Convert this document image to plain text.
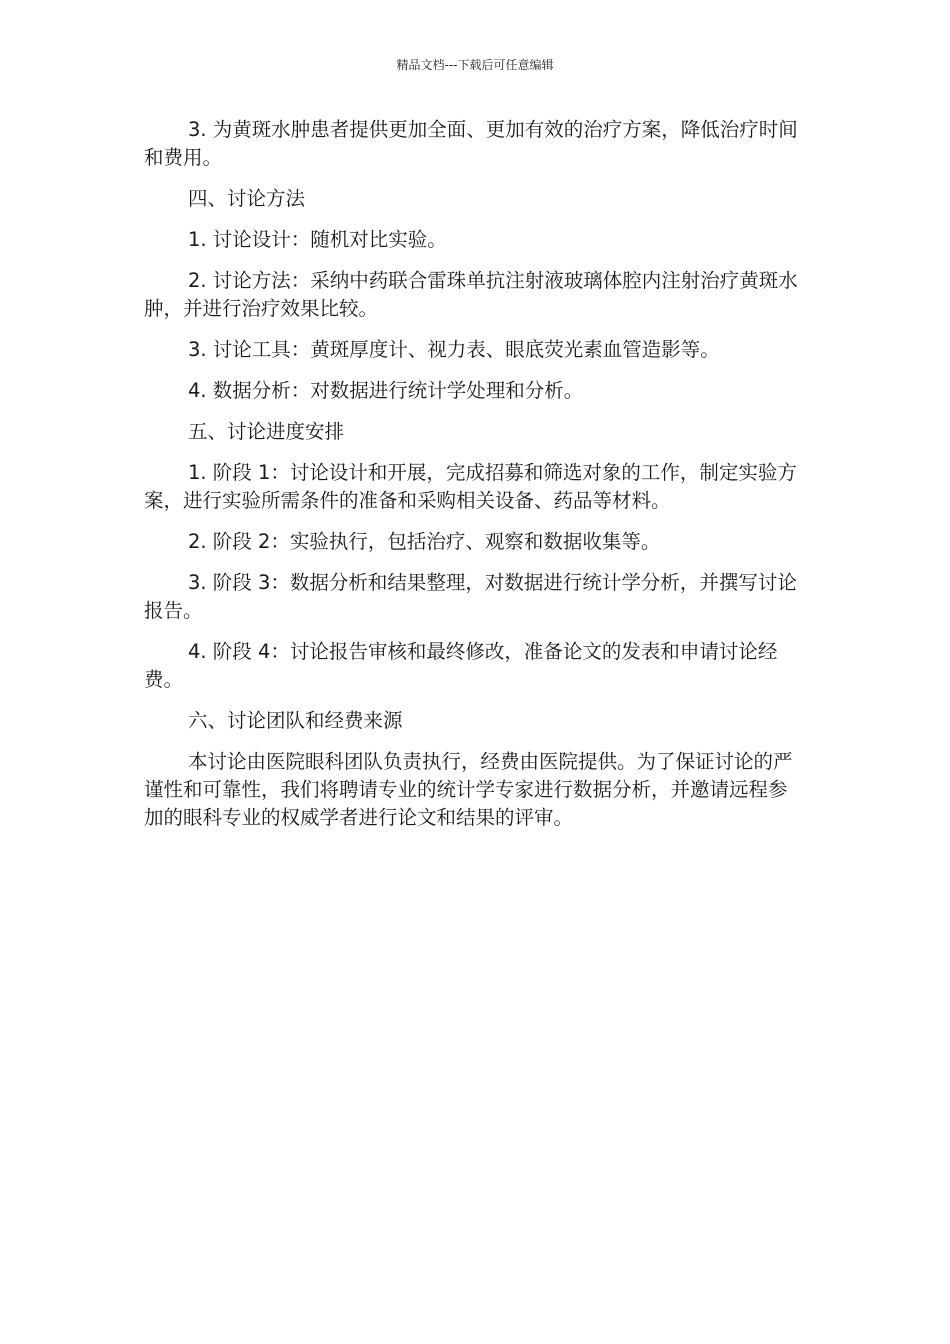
精品文档---下载后可任意编辑

3. 为黄斑水肿患者提供更加全面、更加有效的治疗方案，降低治疗时间和费用。

四、讨论方法

1. 讨论设计：随机对比实验。

2. 讨论方法：采纳中药联合雷珠单抗注射液玻璃体腔内注射治疗黄斑水肿，并进行治疗效果比较。

3. 讨论工具：黄斑厚度计、视力表、眼底荧光素血管造影等。

4. 数据分析：对数据进行统计学处理和分析。

五、讨论进度安排

1. 阶段 1：讨论设计和开展，完成招募和筛选对象的工作，制定实验方案，进行实验所需条件的准备和采购相关设备、药品等材料。

2. 阶段 2：实验执行，包括治疗、观察和数据收集等。

3. 阶段 3：数据分析和结果整理，对数据进行统计学分析，并撰写讨论报告。

4. 阶段 4：讨论报告审核和最终修改，准备论文的发表和申请讨论经费。

六、讨论团队和经费来源

本讨论由医院眼科团队负责执行，经费由医院提供。为了保证讨论的严谨性和可靠性，我们将聘请专业的统计学专家进行数据分析，并邀请远程参加的眼科专业的权威学者进行论文和结果的评审。
